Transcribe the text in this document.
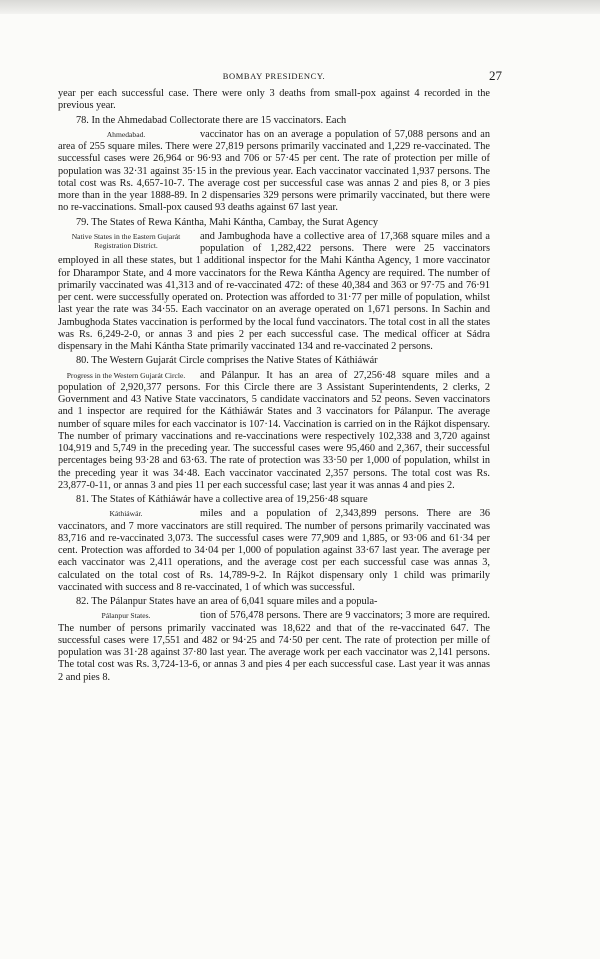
BOMBAY PRESIDENCY.	27

year per each successful case. There were only 3 deaths from small-pox against 4 recorded in the previous year.

78. In the Ahmedabad Collectorate there are 15 vaccinators. Each

Ahmedabad.	vaccinator has on an average a population of 57,088 persons and an area of 255 square miles. There were 27,819 persons primarily vaccinated and 1,229 re-vaccinated. The successful cases were 26,964 or 96·93 and 706 or 57·45 per cent. The rate of protection per mille of population was 32·31 against 35·15 in the previous year. Each vaccinator vaccinated 1,937 persons. The total cost was Rs. 4,657-10-7. The average cost per successful case was annas 2 and pies 8, or 3 pies more than in the year 1888-89. In 2 dispensaries 329 persons were primarily vaccinated, but there were no re-vaccinations. Small-pox caused 93 deaths against 67 last year.

79. The States of Rewa Kántha, Mahi Kántha, Cambay, the Surat Agency

Native States in the Eastern Gujarát Registration District.
and Jambughoda have a collective area of 17,368 square miles and a population of 1,282,422 persons. There were 25 vaccinators employed in all these states, but 1 additional inspector for the Mahi Kántha Agency, 1 more vaccinator for Dharampor State, and 4 more vaccinators for the Rewa Kántha Agency are required. The number of primarily vaccinated was 41,313 and of re-vaccinated 472: of these 40,384 and 363 or 97·75 and 76·91 per cent. were successfully operated on. Protection was afforded to 31·77 per mille of population, whilst last year the rate was 34·55. Each vaccinator on an average operated on 1,671 persons. In Sachin and Jambughoda States vaccination is performed by the local fund vaccinators. The total cost in all the states was Rs. 6,249-2-0, or annas 3 and pies 2 per each successful case. The medical officer at Sádra dispensary in the Mahi Kántha State primarily vaccinated 134 and re-vaccinated 2 persons.

80. The Western Gujarát Circle comprises the Native States of Káthiáwár

Progress in the Western Gujarát Circle.	and Pálanpur. It has an area of 27,256·48 square miles and a population of 2,920,377 persons. For this Circle there are 3 Assistant Superintendents, 2 clerks, 2 Government and 43 Native State vaccinators, 5 candidate vaccinators and 52 peons. Seven vaccinators and 1 inspector are required for the Káthiáwár States and 3 vaccinators for Pálanpur. The average number of square miles for each vaccinator is 107·14. Vaccination is carried on in the Rájkot dispensary. The number of primary vaccinations and re-vaccinations were respectively 102,338 and 3,720 against 104,919 and 5,749 in the preceding year. The successful cases were 95,460 and 2,367, their successful percentages being 93·28 and 63·63. The rate of protection was 33·50 per 1,000 of population, whilst in the preceding year it was 34·48. Each vaccinator vaccinated 2,357 persons. The total cost was Rs. 23,877-0-11, or annas 3 and pies 11 per each successful case; last year it was annas 4 and pies 2.

81. The States of Káthiáwár have a collective area of 19,256·48 square

Káthiáwár.	miles and a population of 2,343,899 persons. There are 36 vaccinators, and 7 more vaccinators are still required. The number of persons primarily vaccinated was 83,716 and re-vaccinated 3,073. The successful cases were 77,909 and 1,885, or 93·06 and 61·34 per cent. Protection was afforded to 34·04 per 1,000 of population against 33·67 last year. The average per each vaccinator was 2,411 operations, and the average cost per each successful case was annas 3, calculated on the total cost of Rs. 14,789-9-2. In Rájkot dispensary only 1 child was primarily vaccinated with success and 8 re-vaccinated, 1 of which was successful.

82. The Pálanpur States have an area of 6,041 square miles and a popula-

Pálanpur States.	tion of 576,478 persons. There are 9 vaccinators; 3 more are required. The number of persons primarily vaccinated was 18,622 and that of the re-vaccinated 647. The successful cases were 17,551 and 482 or 94·25 and 74·50 per cent. The rate of protection per mille of population was 31·28 against 37·80 last year. The average work per each vaccinator was 2,141 persons. The total cost was Rs. 3,724-13-6, or annas 3 and pies 4 per each successful case. Last year it was annas 2 and pies 8.
